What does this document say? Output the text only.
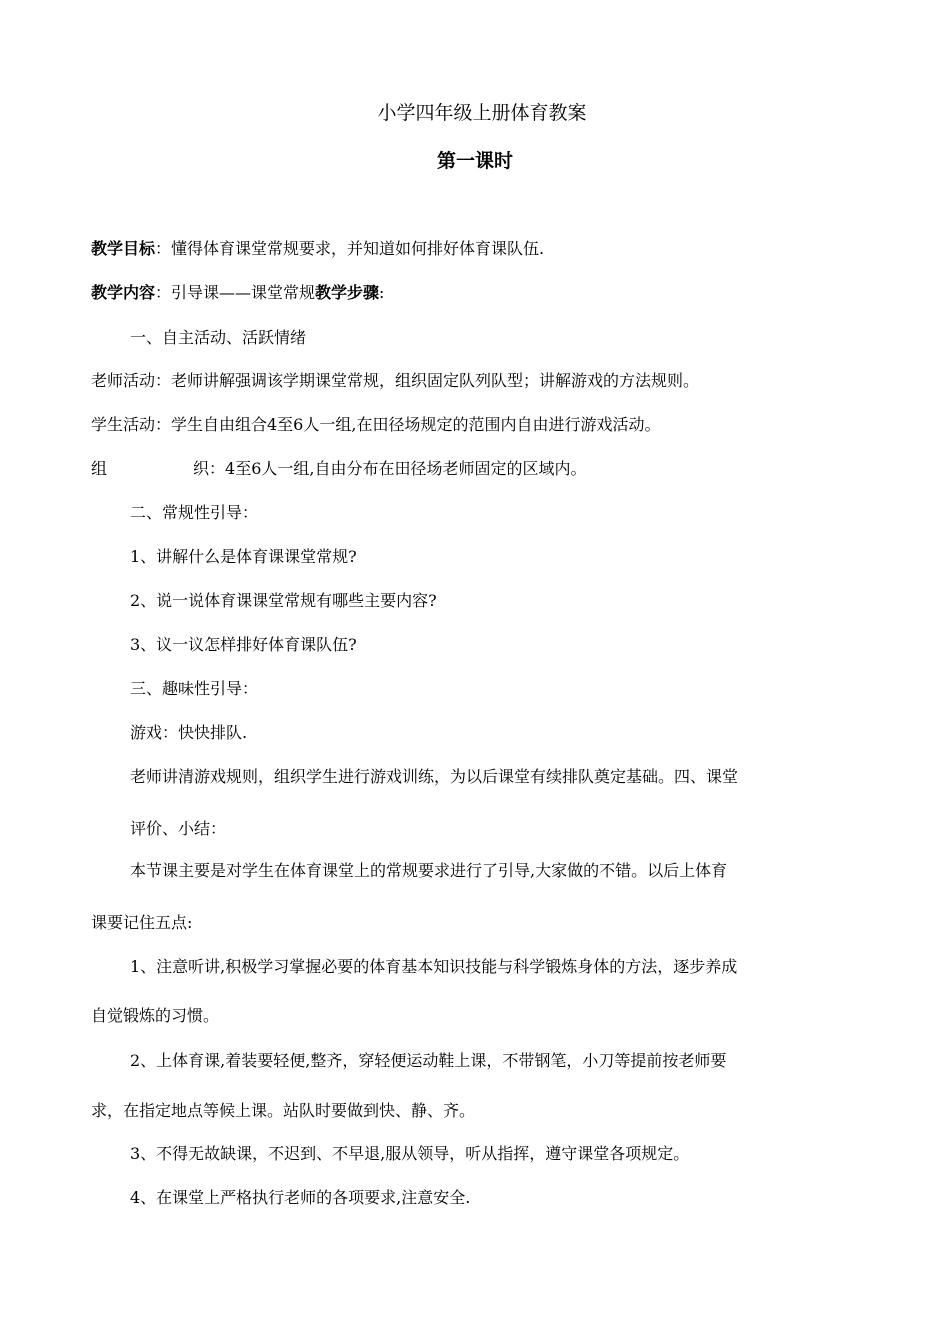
小学四年级上册体育教案
第一课时
教学目标：懂得体育课堂常规要求，并知道如何排好体育课队伍.
教学内容：引导课——课堂常规教学步骤:
一、自主活动、活跃情绪
老师活动：老师讲解强调该学期课堂常规，组织固定队列队型；讲解游戏的方法规则。
学生活动：学生自由组合4至6人一组,在田径场规定的范围内自由进行游戏活动。
组	织：4至6人一组,自由分布在田径场老师固定的区域内。
二、常规性引导：
1、讲解什么是体育课课堂常规?
2、说一说体育课课堂常规有哪些主要内容?
3、议一议怎样排好体育课队伍?
三、趣味性引导：
游戏：快快排队.
老师讲清游戏规则，组织学生进行游戏训练，为以后课堂有续排队奠定基础。四、课堂
评价、小结：
本节课主要是对学生在体育课堂上的常规要求进行了引导,大家做的不错。以后上体育
课要记住五点:
1、注意听讲,积极学习掌握必要的体育基本知识技能与科学锻炼身体的方法，逐步养成
自觉锻炼的习惯。
2、上体育课,着装要轻便,整齐，穿轻便运动鞋上课，不带钢笔，小刀等提前按老师要
求，在指定地点等候上课。站队时要做到快、静、齐。
3、不得无故缺课，不迟到、不早退,服从领导，听从指挥，遵守课堂各项规定。
4、在课堂上严格执行老师的各项要求,注意安全.
